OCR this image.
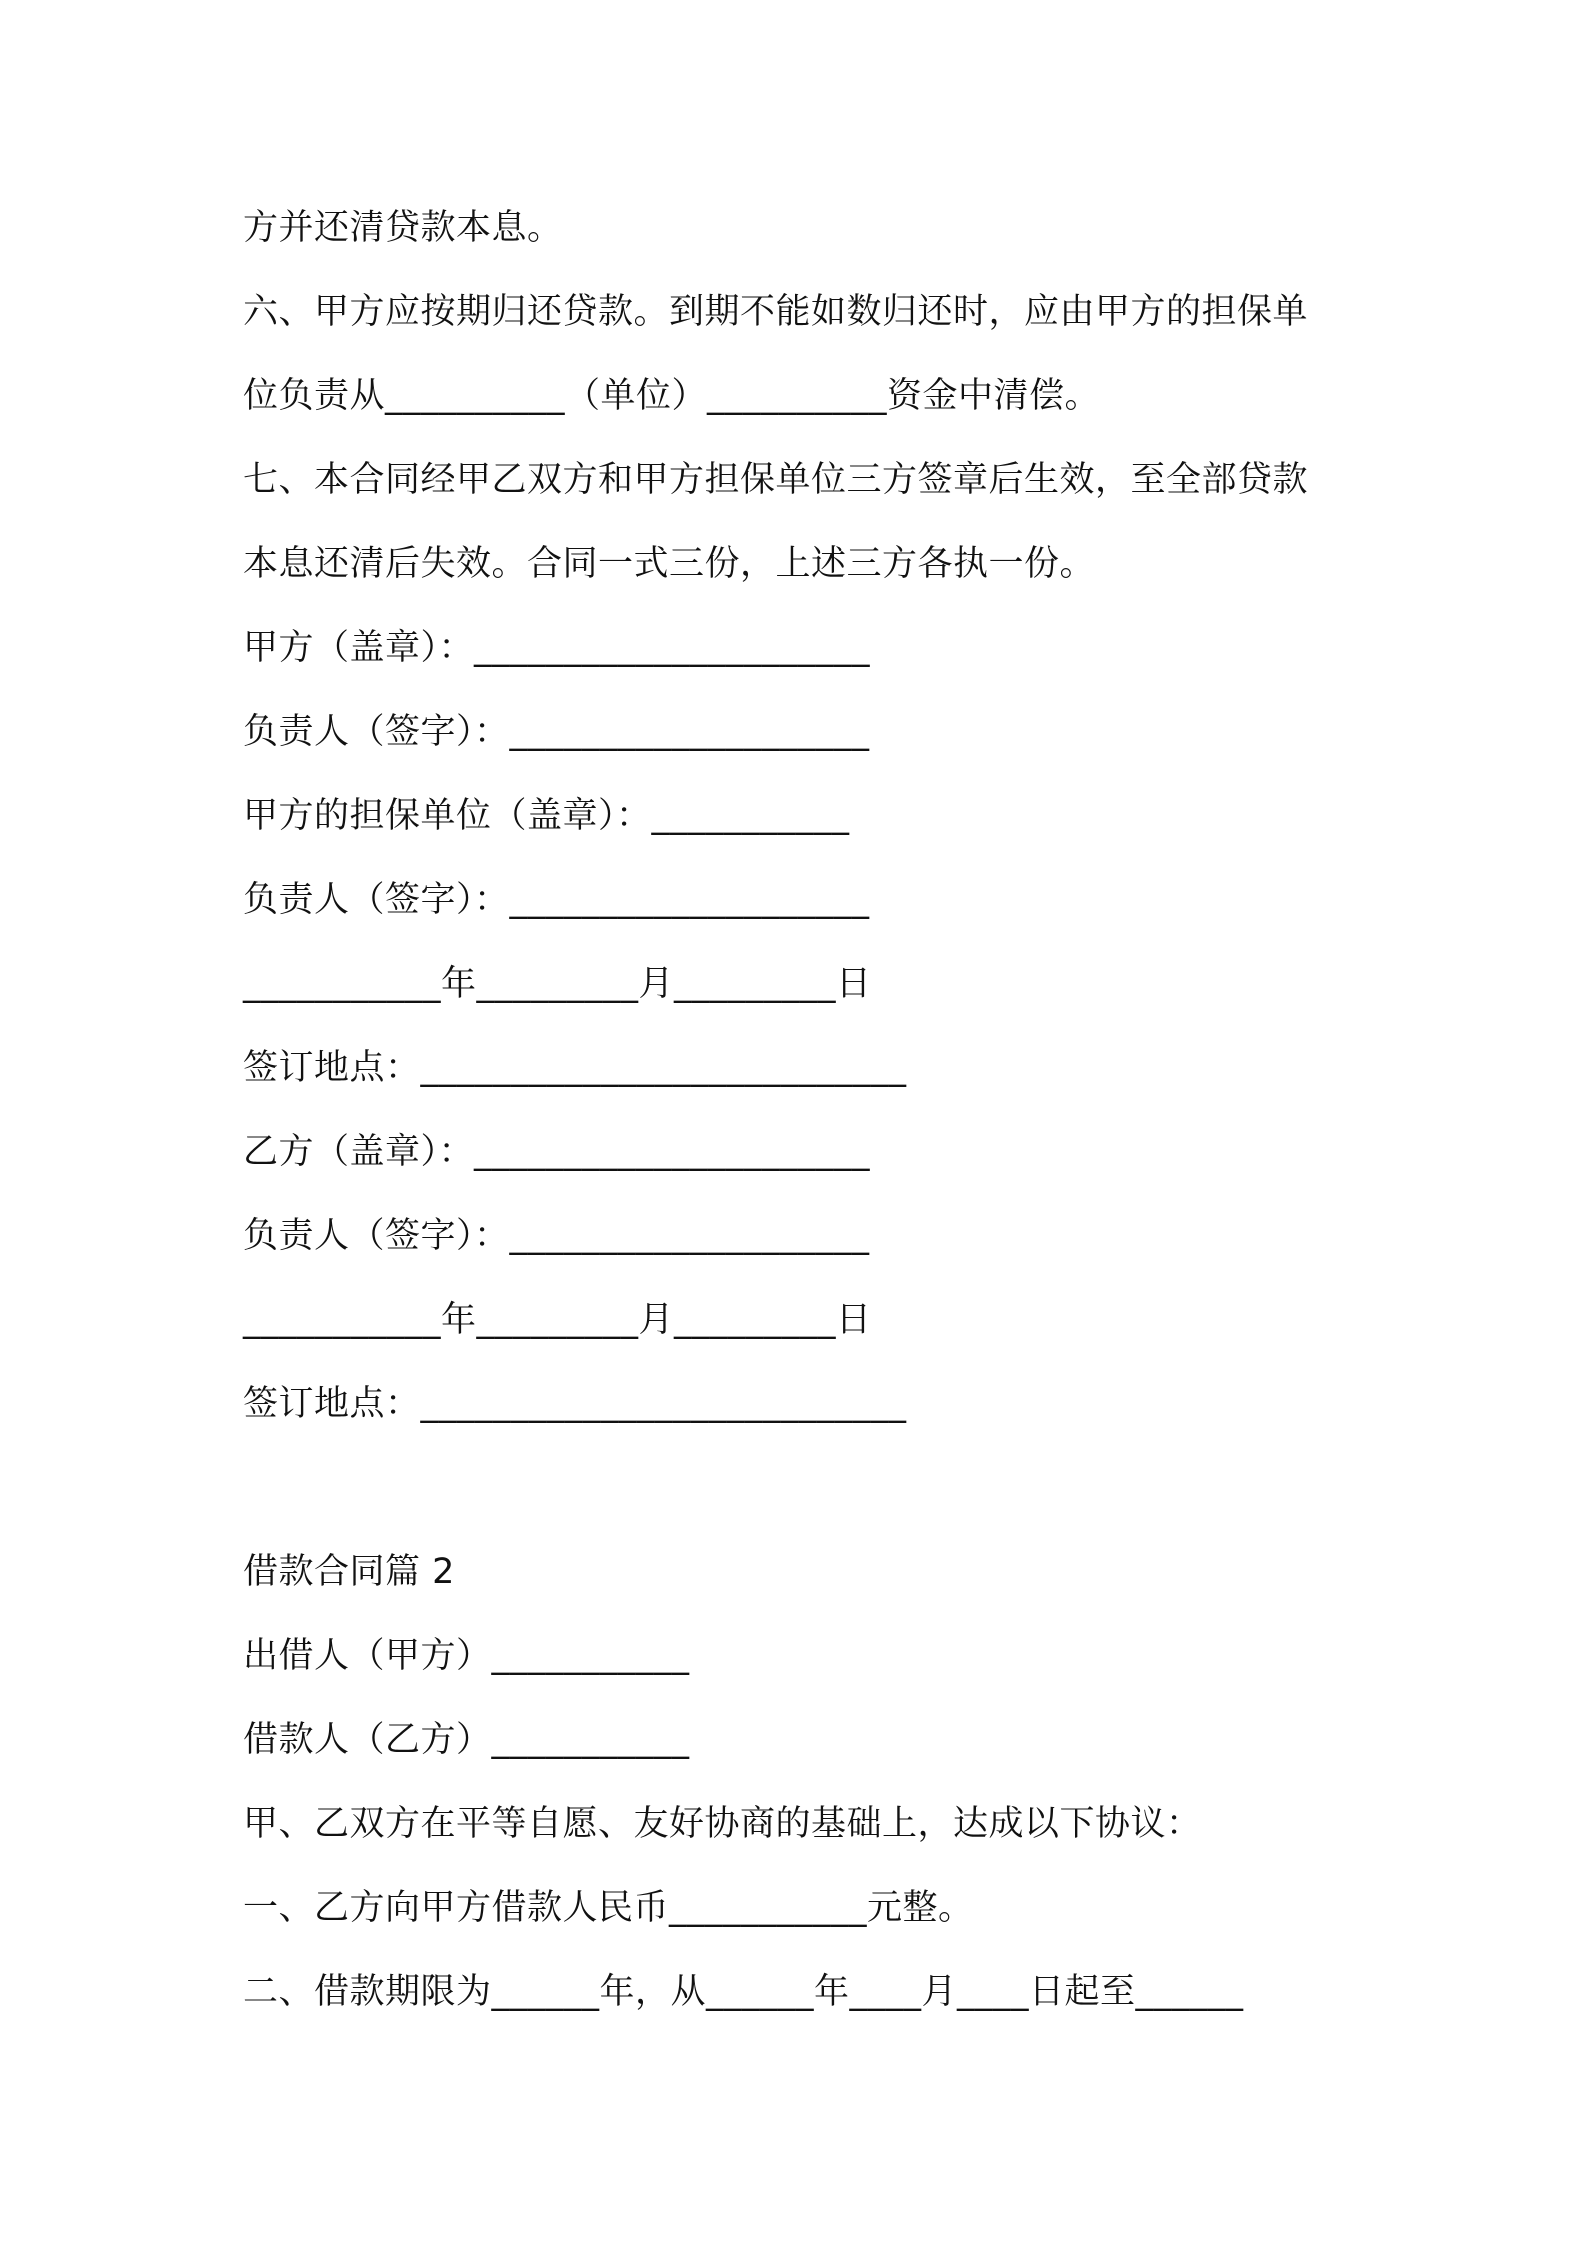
方并还清贷款本息。
六、甲方应按期归还贷款。到期不能如数归还时，应由甲方的担保单
位负责从__________（单位）__________资金中清偿。
七、本合同经甲乙双方和甲方担保单位三方签章后生效，至全部贷款
本息还清后失效。合同一式三份，上述三方各执一份。
甲方（盖章）：______________________
负责人（签字）：____________________
甲方的担保单位（盖章）：___________
负责人（签字）：____________________
___________年_________月_________日
签订地点：___________________________
乙方（盖章）：______________________
负责人（签字）：____________________
___________年_________月_________日
签订地点：___________________________
借款合同篇 2
出借人（甲方）___________
借款人（乙方）___________
甲、乙双方在平等自愿、友好协商的基础上，达成以下协议：
一、乙方向甲方借款人民币___________元整。
二、借款期限为______年，从______年____月____日起至______
